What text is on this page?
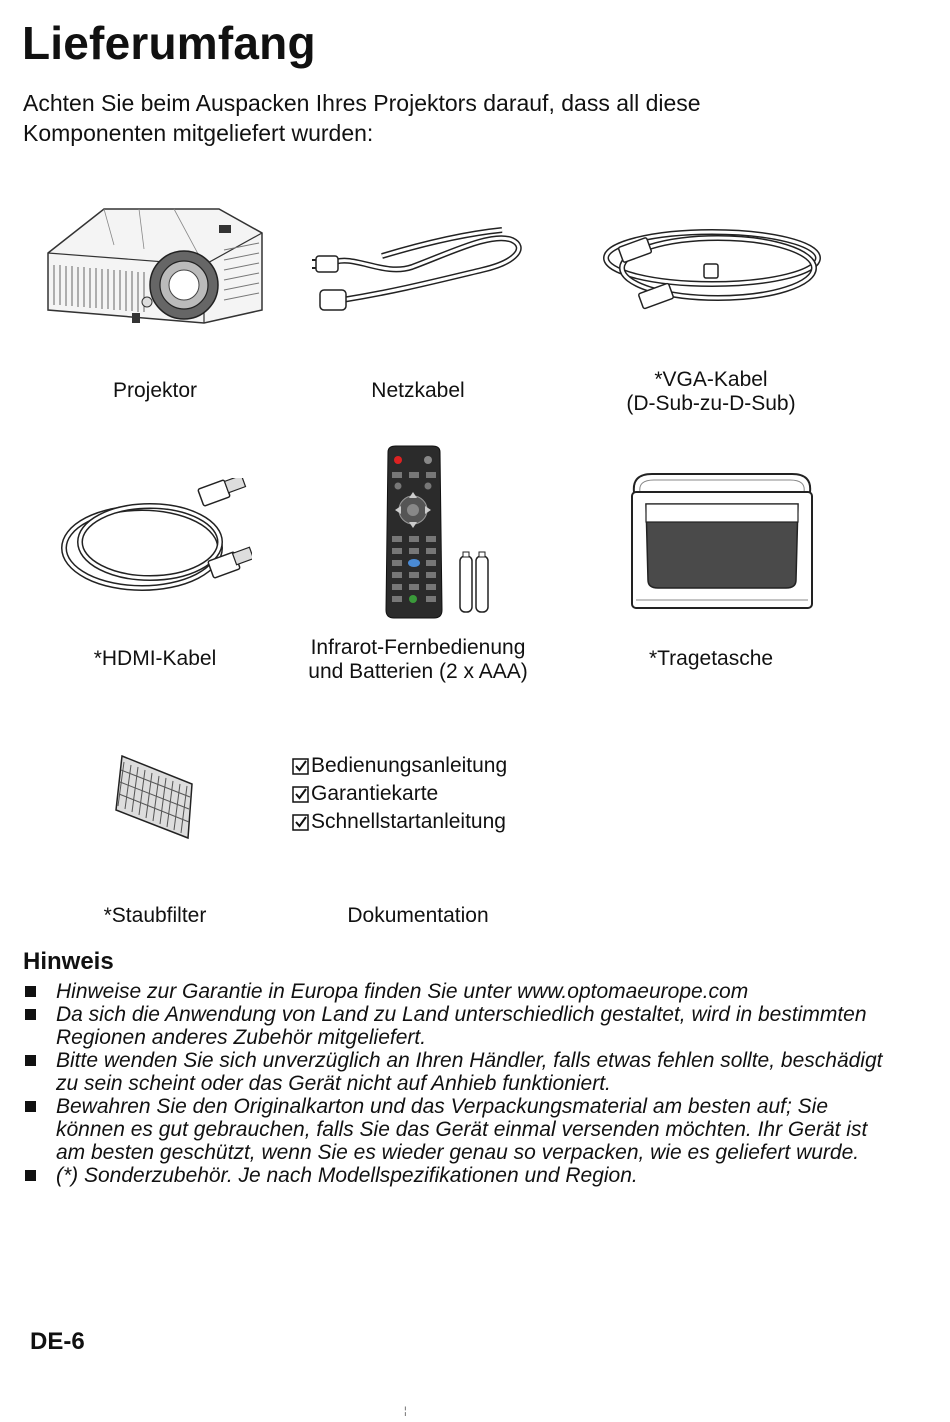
Lieferumfang
Achten Sie beim Auspacken Ihres Projektors darauf, dass all diese Komponenten mitgeliefert wurden:
Projektor	Netzkabel	*VGA-Kabel
(D-Sub-zu-D-Sub)
*HDMI-Kabel	Infrarot-Fernbedienung
und Batterien (2 x AAA)
*Tragetasche
Bedienungsanleitung
Garantiekarte
Schnellstartanleitung
*Staubfilter	Dokumentation
Hinweis
Hinweise zur Garantie in Europa finden Sie unter www.optomaeurope.com
Da sich die Anwendung von Land zu Land unterschiedlich gestaltet, wird in bestimmten Regionen anderes Zubehör mitgeliefert.
Bitte wenden Sie sich unverzüglich an Ihren Händler, falls etwas fehlen sollte, beschädigt zu sein scheint oder das Gerät nicht auf Anhieb funktioniert.
Bewahren Sie den Originalkarton und das Verpackungsmaterial am besten auf; Sie können es gut gebrauchen, falls Sie das Gerät einmal versenden möchten. Ihr Gerät ist am besten geschützt, wenn Sie es wieder genau so verpacken, wie es geliefert wurde.
(*) Sonderzubehör. Je nach Modellspezifikationen und Region.
DE-6
¦
